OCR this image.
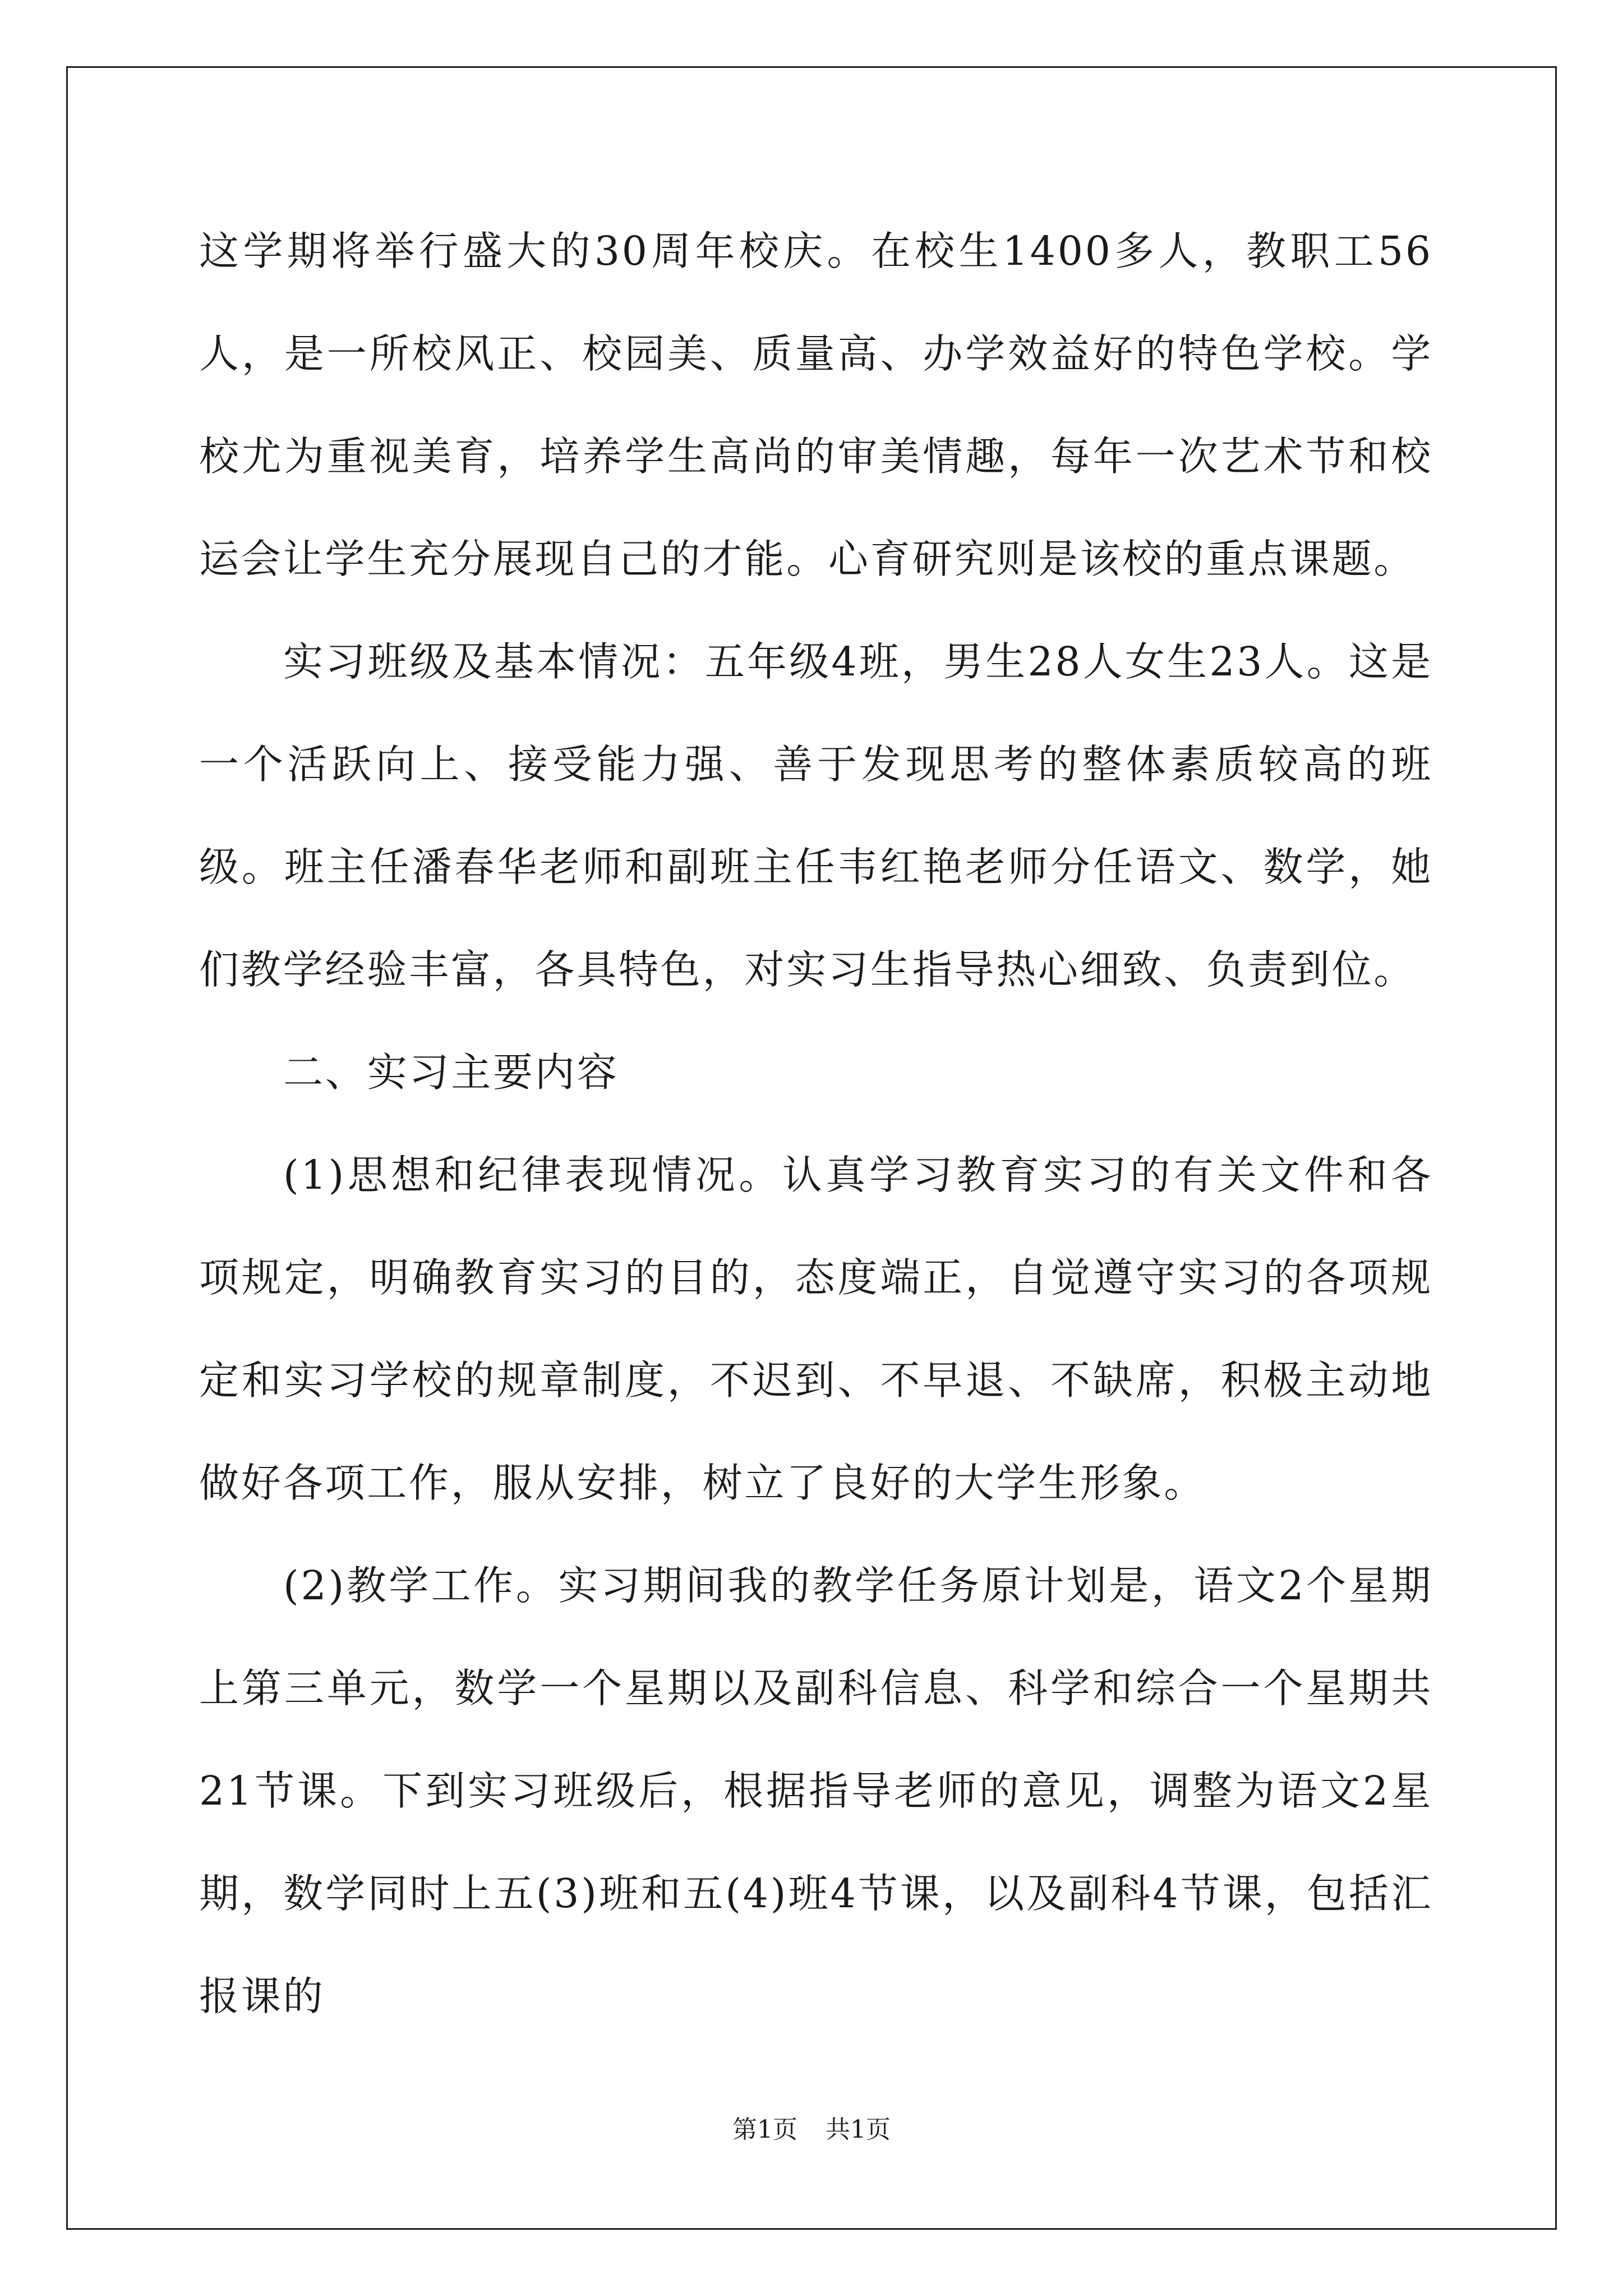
这学期将举行盛大的30周年校庆。在校生1400多人，教职工56人，是一所校风正、校园美、质量高、办学效益好的特色学校。学校尤为重视美育，培养学生高尚的审美情趣，每年一次艺术节和校运会让学生充分展现自己的才能。心育研究则是该校的重点课题。

实习班级及基本情况：五年级4班，男生28人女生23人。这是一个活跃向上、接受能力强、善于发现思考的整体素质较高的班级。班主任潘春华老师和副班主任韦红艳老师分任语文、数学，她们教学经验丰富，各具特色，对实习生指导热心细致、负责到位。

二、实习主要内容

(1)思想和纪律表现情况。认真学习教育实习的有关文件和各项规定，明确教育实习的目的，态度端正，自觉遵守实习的各项规定和实习学校的规章制度，不迟到、不早退、不缺席，积极主动地做好各项工作，服从安排，树立了良好的大学生形象。

(2)教学工作。实习期间我的教学任务原计划是，语文2个星期上第三单元，数学一个星期以及副科信息、科学和综合一个星期共21节课。下到实习班级后，根据指导老师的意见，调整为语文2星期，数学同时上五(3)班和五(4)班4节课，以及副科4节课，包括汇报课的

第1页 共1页
